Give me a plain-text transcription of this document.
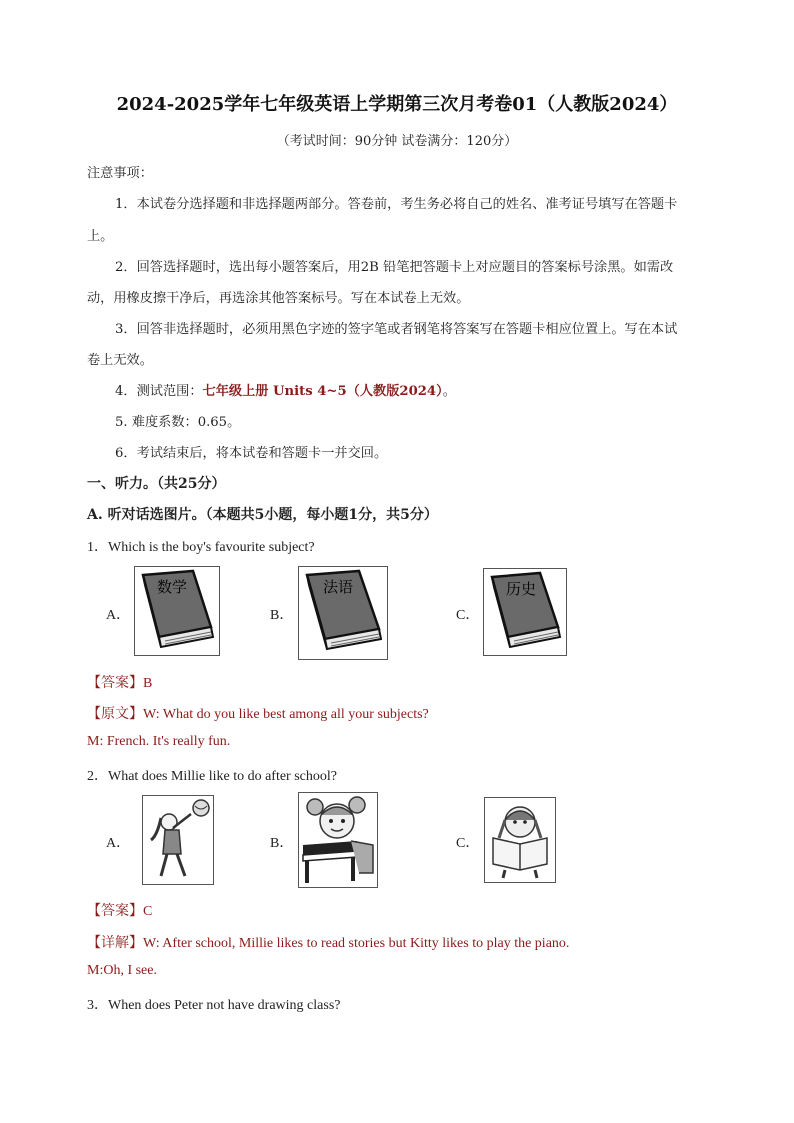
2024-2025学年七年级英语上学期第三次月考卷01（人教版2024）
（考试时间：90分钟 试卷满分：120分）
注意事项：
1．本试卷分选择题和非选择题两部分。答卷前，考生务必将自己的姓名、准考证号填写在答题卡
上。
2．回答选择题时，选出每小题答案后，用2B 铅笔把答题卡上对应题目的答案标号涂黑。如需改
动，用橡皮擦干净后，再选涂其他答案标号。写在本试卷上无效。
3．回答非选择题时，必须用黑色字迹的签字笔或者钢笔将答案写在答题卡相应位置上。写在本试
卷上无效。
4．测试范围：七年级上册 Units 4~5（人教版2024）。
5. 难度系数：0.65。
6．考试结束后，将本试卷和答题卡一并交回。
一、听力。（共25分）
A. 听对话选图片。（本题共5小题，每小题1分，共5分）
1．Which is the boy's favourite subject?
A．
数学
B．
法语
C．
历史
【答案】B
【原文】W: What do you like best among all your subjects?
M: French. It's really fun.
2．What does Millie like to do after school?
A．	B．	C．
【答案】C
【详解】W: After school, Millie likes to read stories but Kitty likes to play the piano.
M:Oh, I see.
3．When does Peter not have drawing class?
